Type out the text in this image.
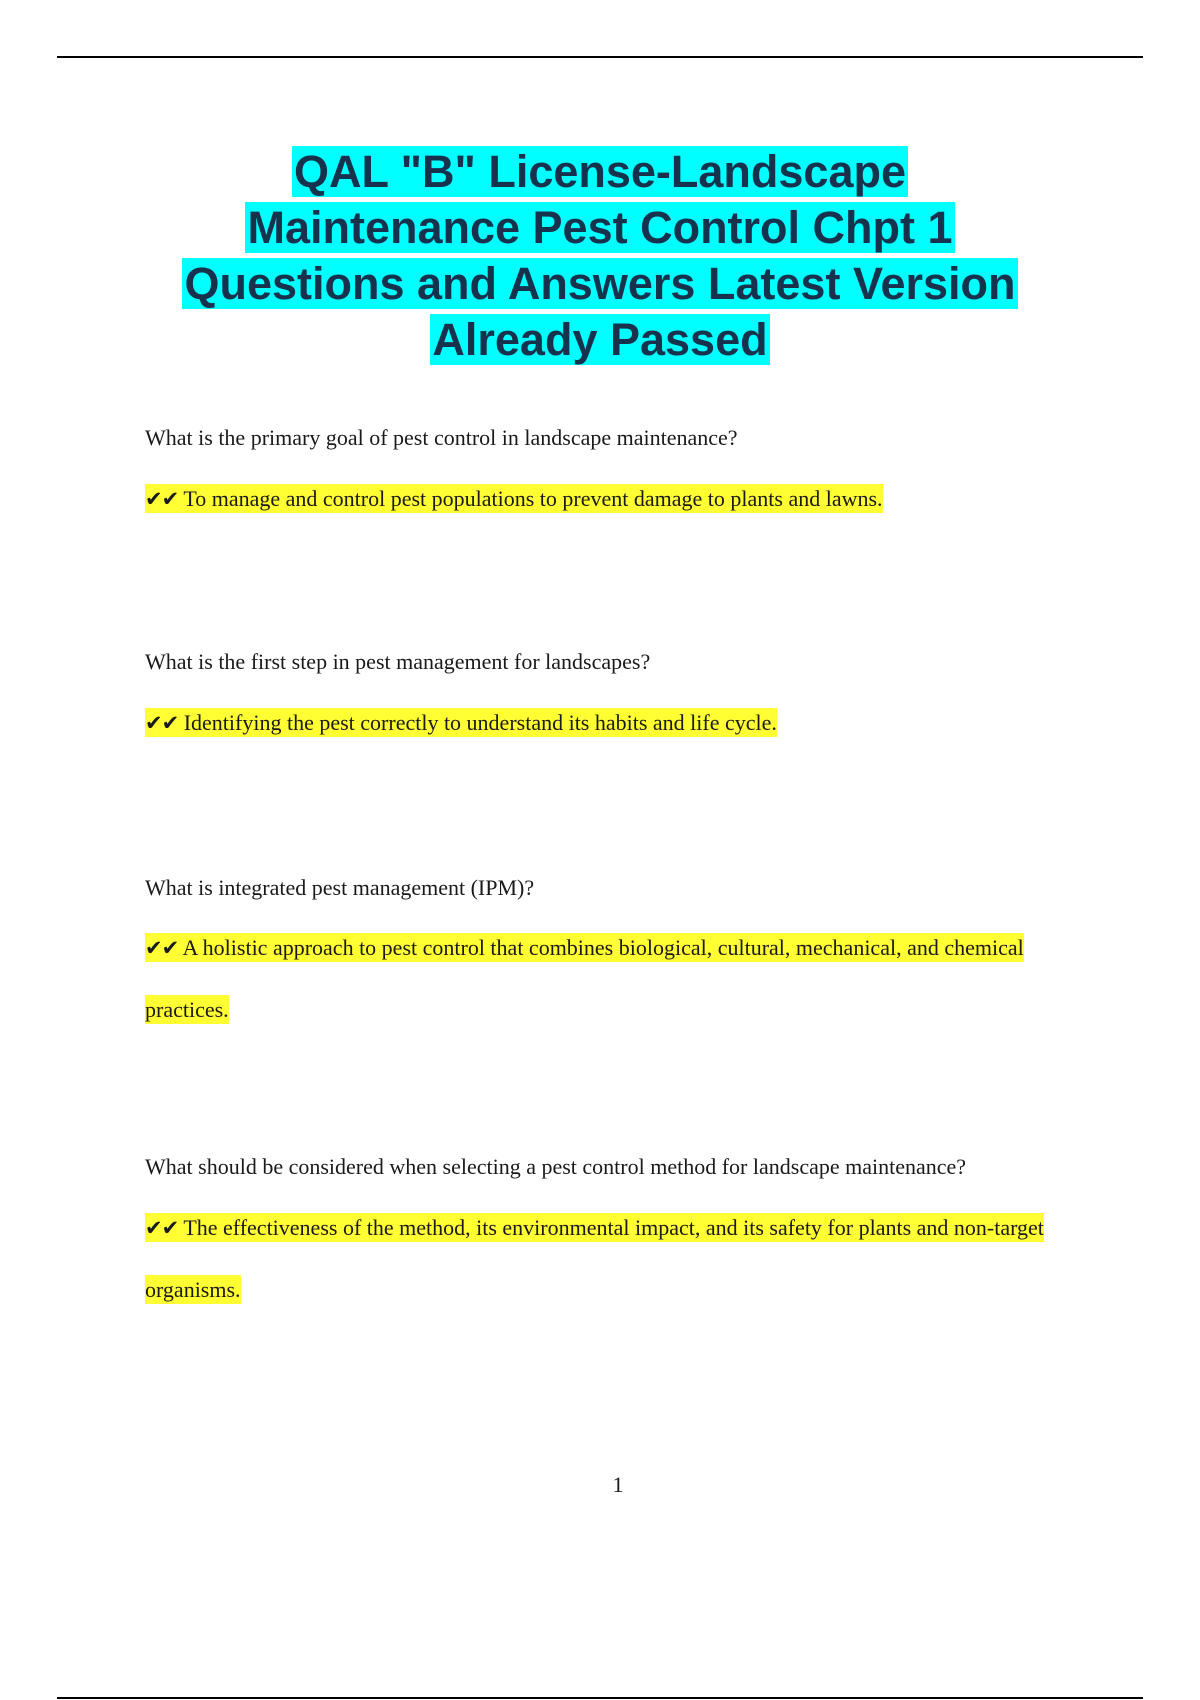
QAL "B" License-Landscape
Maintenance Pest Control Chpt 1
Questions and Answers Latest Version
Already Passed

What is the primary goal of pest control in landscape maintenance?

✔✔ To manage and control pest populations to prevent damage to plants and lawns.

What is the first step in pest management for landscapes?

✔✔ Identifying the pest correctly to understand its habits and life cycle.

What is integrated pest management (IPM)?

✔✔ A holistic approach to pest control that combines biological, cultural, mechanical, and chemical practices.

What should be considered when selecting a pest control method for landscape maintenance?

✔✔ The effectiveness of the method, its environmental impact, and its safety for plants and non-target organisms.

1
